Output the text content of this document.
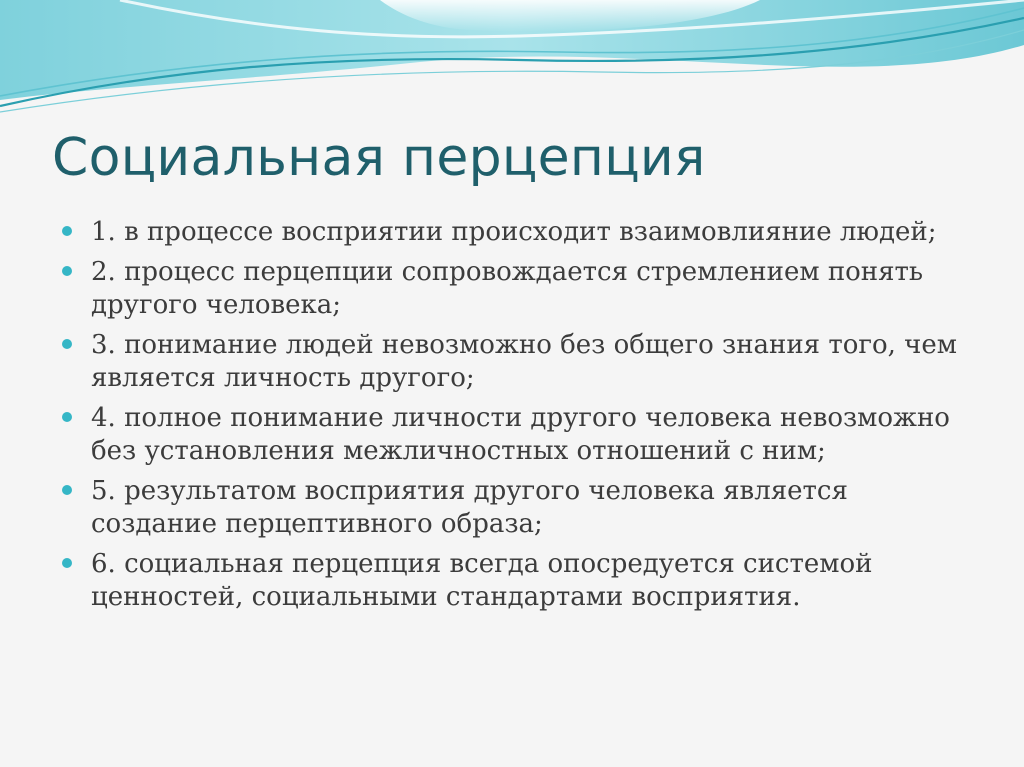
Социальная перцепция
1. в процессе восприятии происходит взаимовлияние людей;
2. процесс перцепции сопровождается стремлением понять другого человека;
3. понимание людей невозможно без общего знания того, чем является личность другого;
4. полное понимание личности другого человека невозможно без установления межличностных отношений с ним;
5. результатом восприятия другого человека является создание перцептивного образа;
6. социальная перцепция всегда опосредуется системой ценностей, социальными стандартами восприятия.
